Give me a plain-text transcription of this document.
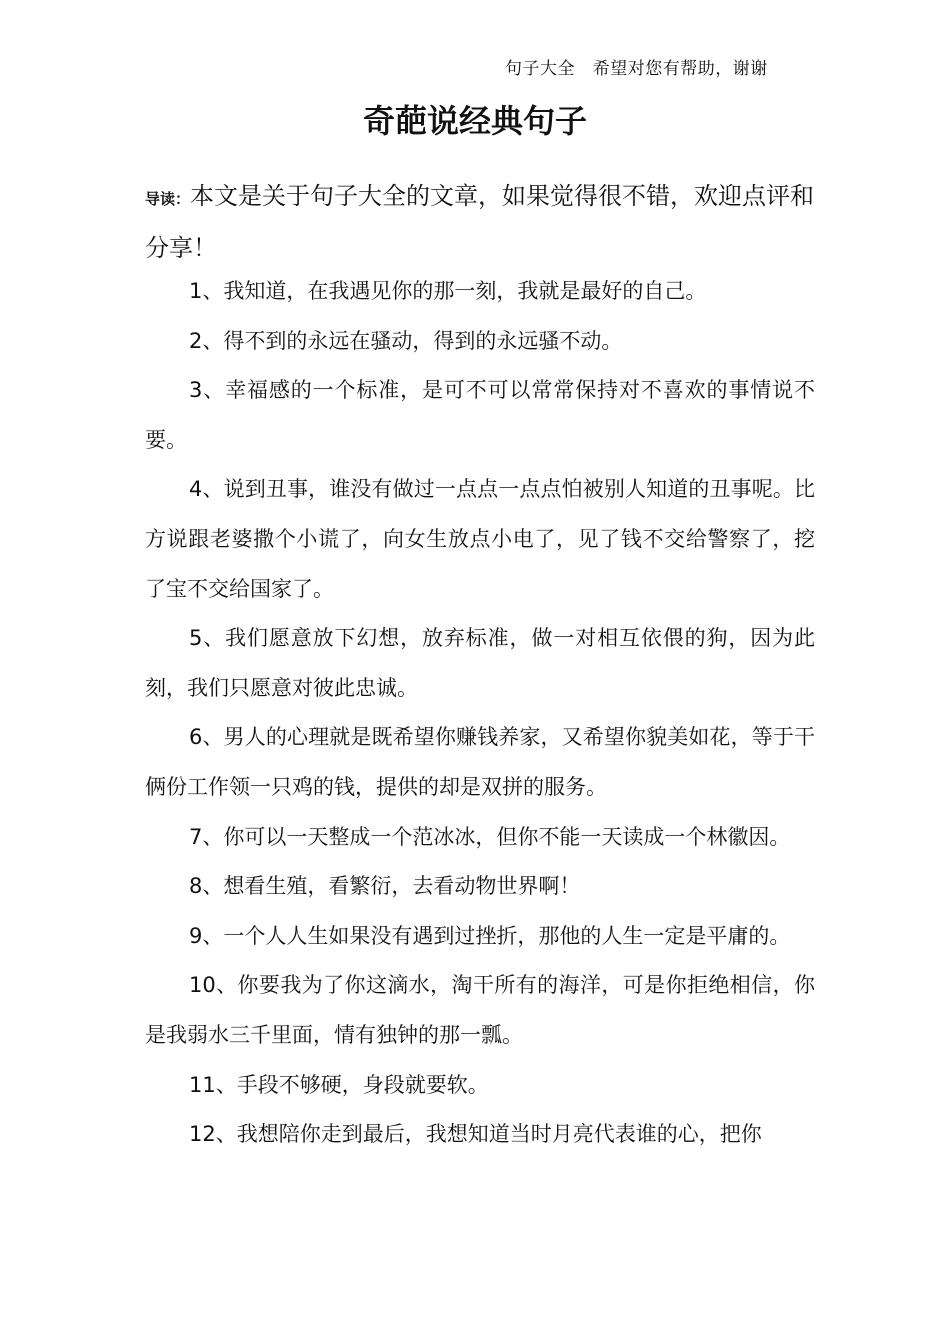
句子大全   希望对您有帮助，谢谢
奇葩说经典句子
导读：本文是关于句子大全的文章，如果觉得很不错，欢迎点评和分享！

1、我知道，在我遇见你的那一刻，我就是最好的自己。

2、得不到的永远在骚动，得到的永远骚不动。

3、幸福感的一个标准，是可不可以常常保持对不喜欢的事情说不要。

4、说到丑事，谁没有做过一点点一点点怕被别人知道的丑事呢。比方说跟老婆撒个小谎了，向女生放点小电了，见了钱不交给警察了，挖了宝不交给国家了。

5、我们愿意放下幻想，放弃标准，做一对相互依偎的狗，因为此刻，我们只愿意对彼此忠诚。

6、男人的心理就是既希望你赚钱养家，又希望你貌美如花，等于干俩份工作领一只鸡的钱，提供的却是双拼的服务。

7、你可以一天整成一个范冰冰，但你不能一天读成一个林徽因。

8、想看生殖，看繁衍，去看动物世界啊！

9、一个人人生如果没有遇到过挫折，那他的人生一定是平庸的。

10、你要我为了你这滴水，淘干所有的海洋，可是你拒绝相信，你是我弱水三千里面，情有独钟的那一瓢。

11、手段不够硬，身段就要软。

12、我想陪你走到最后，我想知道当时月亮代表谁的心，把你
